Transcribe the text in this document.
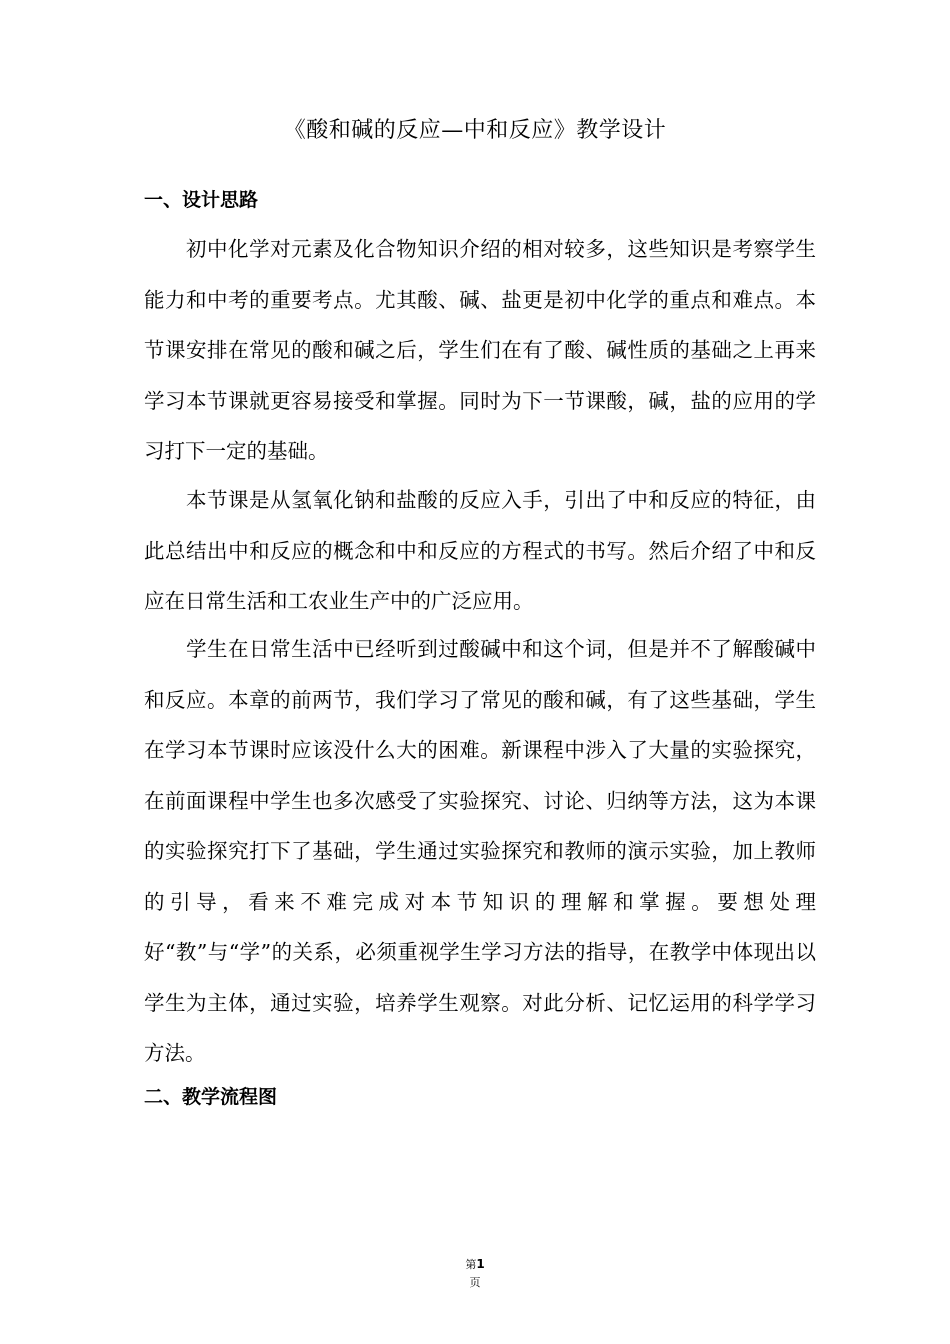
《酸和碱的反应—中和反应》教学设计
一、设计思路

初中化学对元素及化合物知识介绍的相对较多，这些知识是考察学生能力和中考的重要考点。尤其酸、碱、盐更是初中化学的重点和难点。本节课安排在常见的酸和碱之后，学生们在有了酸、碱性质的基础之上再来学习本节课就更容易接受和掌握。同时为下一节课酸，碱，盐的应用的学习打下一定的基础。

本节课是从氢氧化钠和盐酸的反应入手，引出了中和反应的特征，由此总结出中和反应的概念和中和反应的方程式的书写。然后介绍了中和反应在日常生活和工农业生产中的广泛应用。

学生在日常生活中已经听到过酸碱中和这个词，但是并不了解酸碱中和反应。本章的前两节，我们学习了常见的酸和碱，有了这些基础，学生在学习本节课时应该没什么大的困难。新课程中涉入了大量的实验探究，在前面课程中学生也多次感受了实验探究、讨论、归纳等方法，这为本课的实验探究打下了基础，学生通过实验探究和教师的演示实验，加上教师的引导，看来不难完成对本节知识的理解和掌握。要想处理好“教”与“学”的关系，必须重视学生学习方法的指导，在教学中体现出以学生为主体，通过实验，培养学生观察。对此分析、记忆运用的科学学习方法。

二、教学流程图
第1
页
